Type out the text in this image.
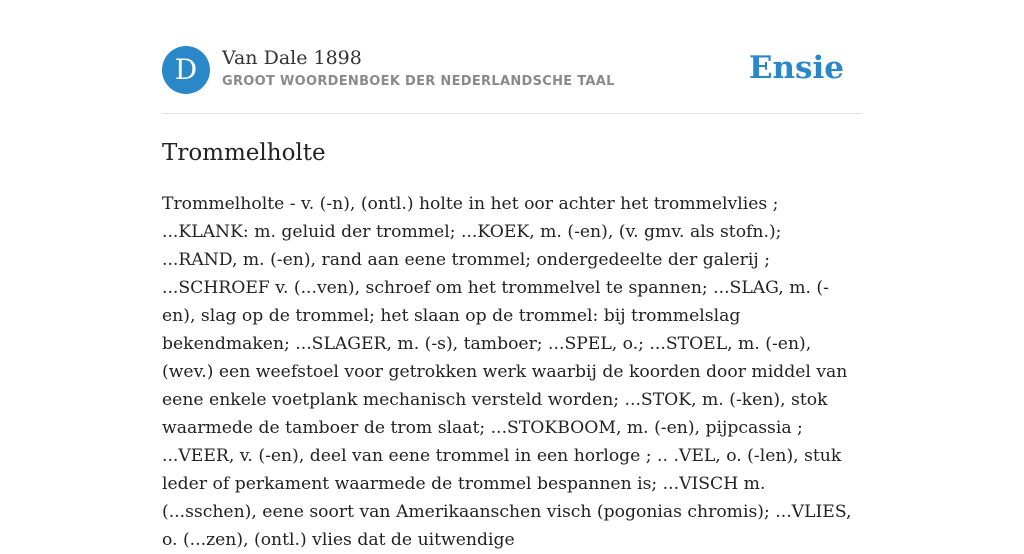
D	Van Dale 1898
GROOT WOORDENBOEK DER NEDERLANDSCHE TAAL	Ensie
Trommelholte

Trommelholte - v. (-n), (ontl.) holte in het oor achter het trommelvlies ; ...KLANK: m. geluid der trommel; ...KOEK, m. (-en), (v. gmv. als stofn.); ...RAND, m. (-en), rand aan eene trommel; ondergedeelte der galerij ; ...SCHROEF v. (...ven), schroef om het trommelvel te spannen; ...SLAG, m. (-en), slag op de trommel; het slaan op de trommel: bij trommelslag bekendmaken; ...SLAGER, m. (-s), tamboer; ...SPEL, o.; ...STOEL, m. (-en), (wev.) een weefstoel voor getrokken werk waarbij de koorden door middel van eene enkele voetplank mechanisch versteld worden; ...STOK, m. (-ken), stok waarmede de tamboer de trom slaat; ...STOKBOOM, m. (-en), pijpcassia ; ...VEER, v. (-en), deel van eene trommel in een horloge ; .. .VEL, o. (-len), stuk leder of perkament waarmede de trommel bespannen is; ...VISCH m. (...sschen), eene soort van Amerikaanschen visch (pogonias chromis); ...VLIES, o. (...zen), (ontl.) vlies dat de uitwendige
